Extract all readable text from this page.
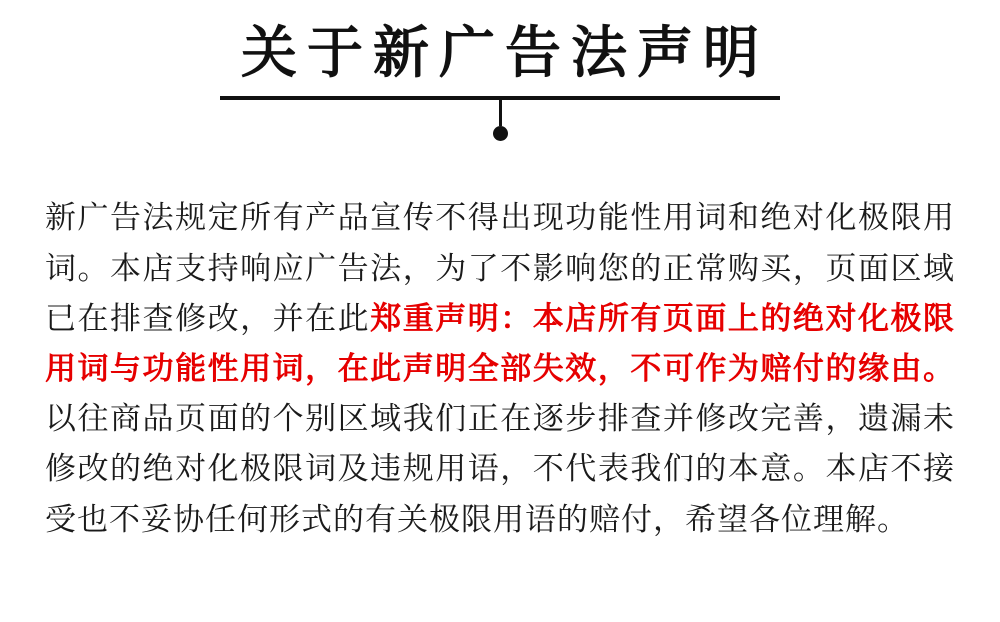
关于新广告法声明

新广告法规定所有产品宣传不得出现功能性用词和绝对化极限用词。本店支持响应广告法，为了不影响您的正常购买，页面区域已在排查修改，并在此郑重声明：本店所有页面上的绝对化极限用词与功能性用词，在此声明全部失效，不可作为赔付的缘由。以往商品页面的个别区域我们正在逐步排查并修改完善，遗漏未修改的绝对化极限词及违规用语，不代表我们的本意。本店不接受也不妥协任何形式的有关极限用语的赔付，希望各位理解。
